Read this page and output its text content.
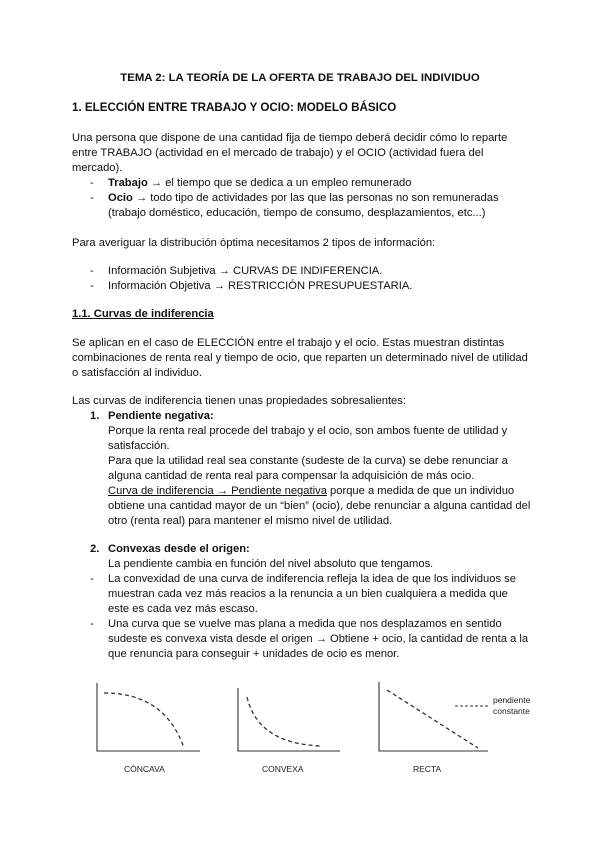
TEMA 2: LA TEORÍA DE LA OFERTA DE TRABAJO DEL INDIVIDUO
1. ELECCIÓN ENTRE TRABAJO Y OCIO: MODELO BÁSICO
Una persona que dispone de una cantidad fija de tiempo deberá decidir cómo lo reparte
entre TRABAJO (actividad en el mercado de trabajo) y el OCIO (actividad fuera del
mercado).
- Trabajo → el tiempo que se dedica a un empleo remunerado
- Ocio → todo tipo de actividades por las que las personas no son remuneradas
(trabajo doméstico, educación, tiempo de consumo, desplazamientos, etc...)
Para averiguar la distribución óptima necesitamos 2 tipos de información:
- Información Subjetiva → CURVAS DE INDIFERENCIA.
- Información Objetiva → RESTRICCIÓN PRESUPUESTARIA.
1.1. Curvas de indiferencia
Se aplican en el caso de ELECCIÓN entre el trabajo y el ocio. Estas muestran distintas
combinaciones de renta real y tiempo de ocio, que reparten un determinado nivel de utilidad
o satisfacción al individuo.
Las curvas de indiferencia tienen unas propiedades sobresalientes:
1. Pendiente negativa:
Porque la renta real procede del trabajo y el ocio, son ambos fuente de utilidad y
satisfacción.
Para que la utilidad real sea constante (sudeste de la curva) se debe renunciar a
alguna cantidad de renta real para compensar la adquisición de más ocio.
Curva de indiferencia → Pendiente negativa porque a medida de que un individuo
obtiene una cantidad mayor de un “bien” (ocio), debe renunciar a alguna cantidad del
otro (renta real) para mantener el mismo nivel de utilidad.
2. Convexas desde el origen:
La pendiente cambia en función del nivel absoluto que tengamos.
- La convexidad de una curva de indiferencia refleja la idea de que los individuos se
muestran cada vez más reacios a la renuncia a un bien cualquiera a medida que
este es cada vez más escaso.
- Una curva que se vuelve mas plana a medida que nos desplazamos en sentido
sudeste es convexa vista desde el origen → Obtiene + ocio, la cantidad de renta a la
que renuncia para conseguir + unidades de ocio es menor.
CÓNCAVA	CONVEXA
pendiente
constante
RECTA
